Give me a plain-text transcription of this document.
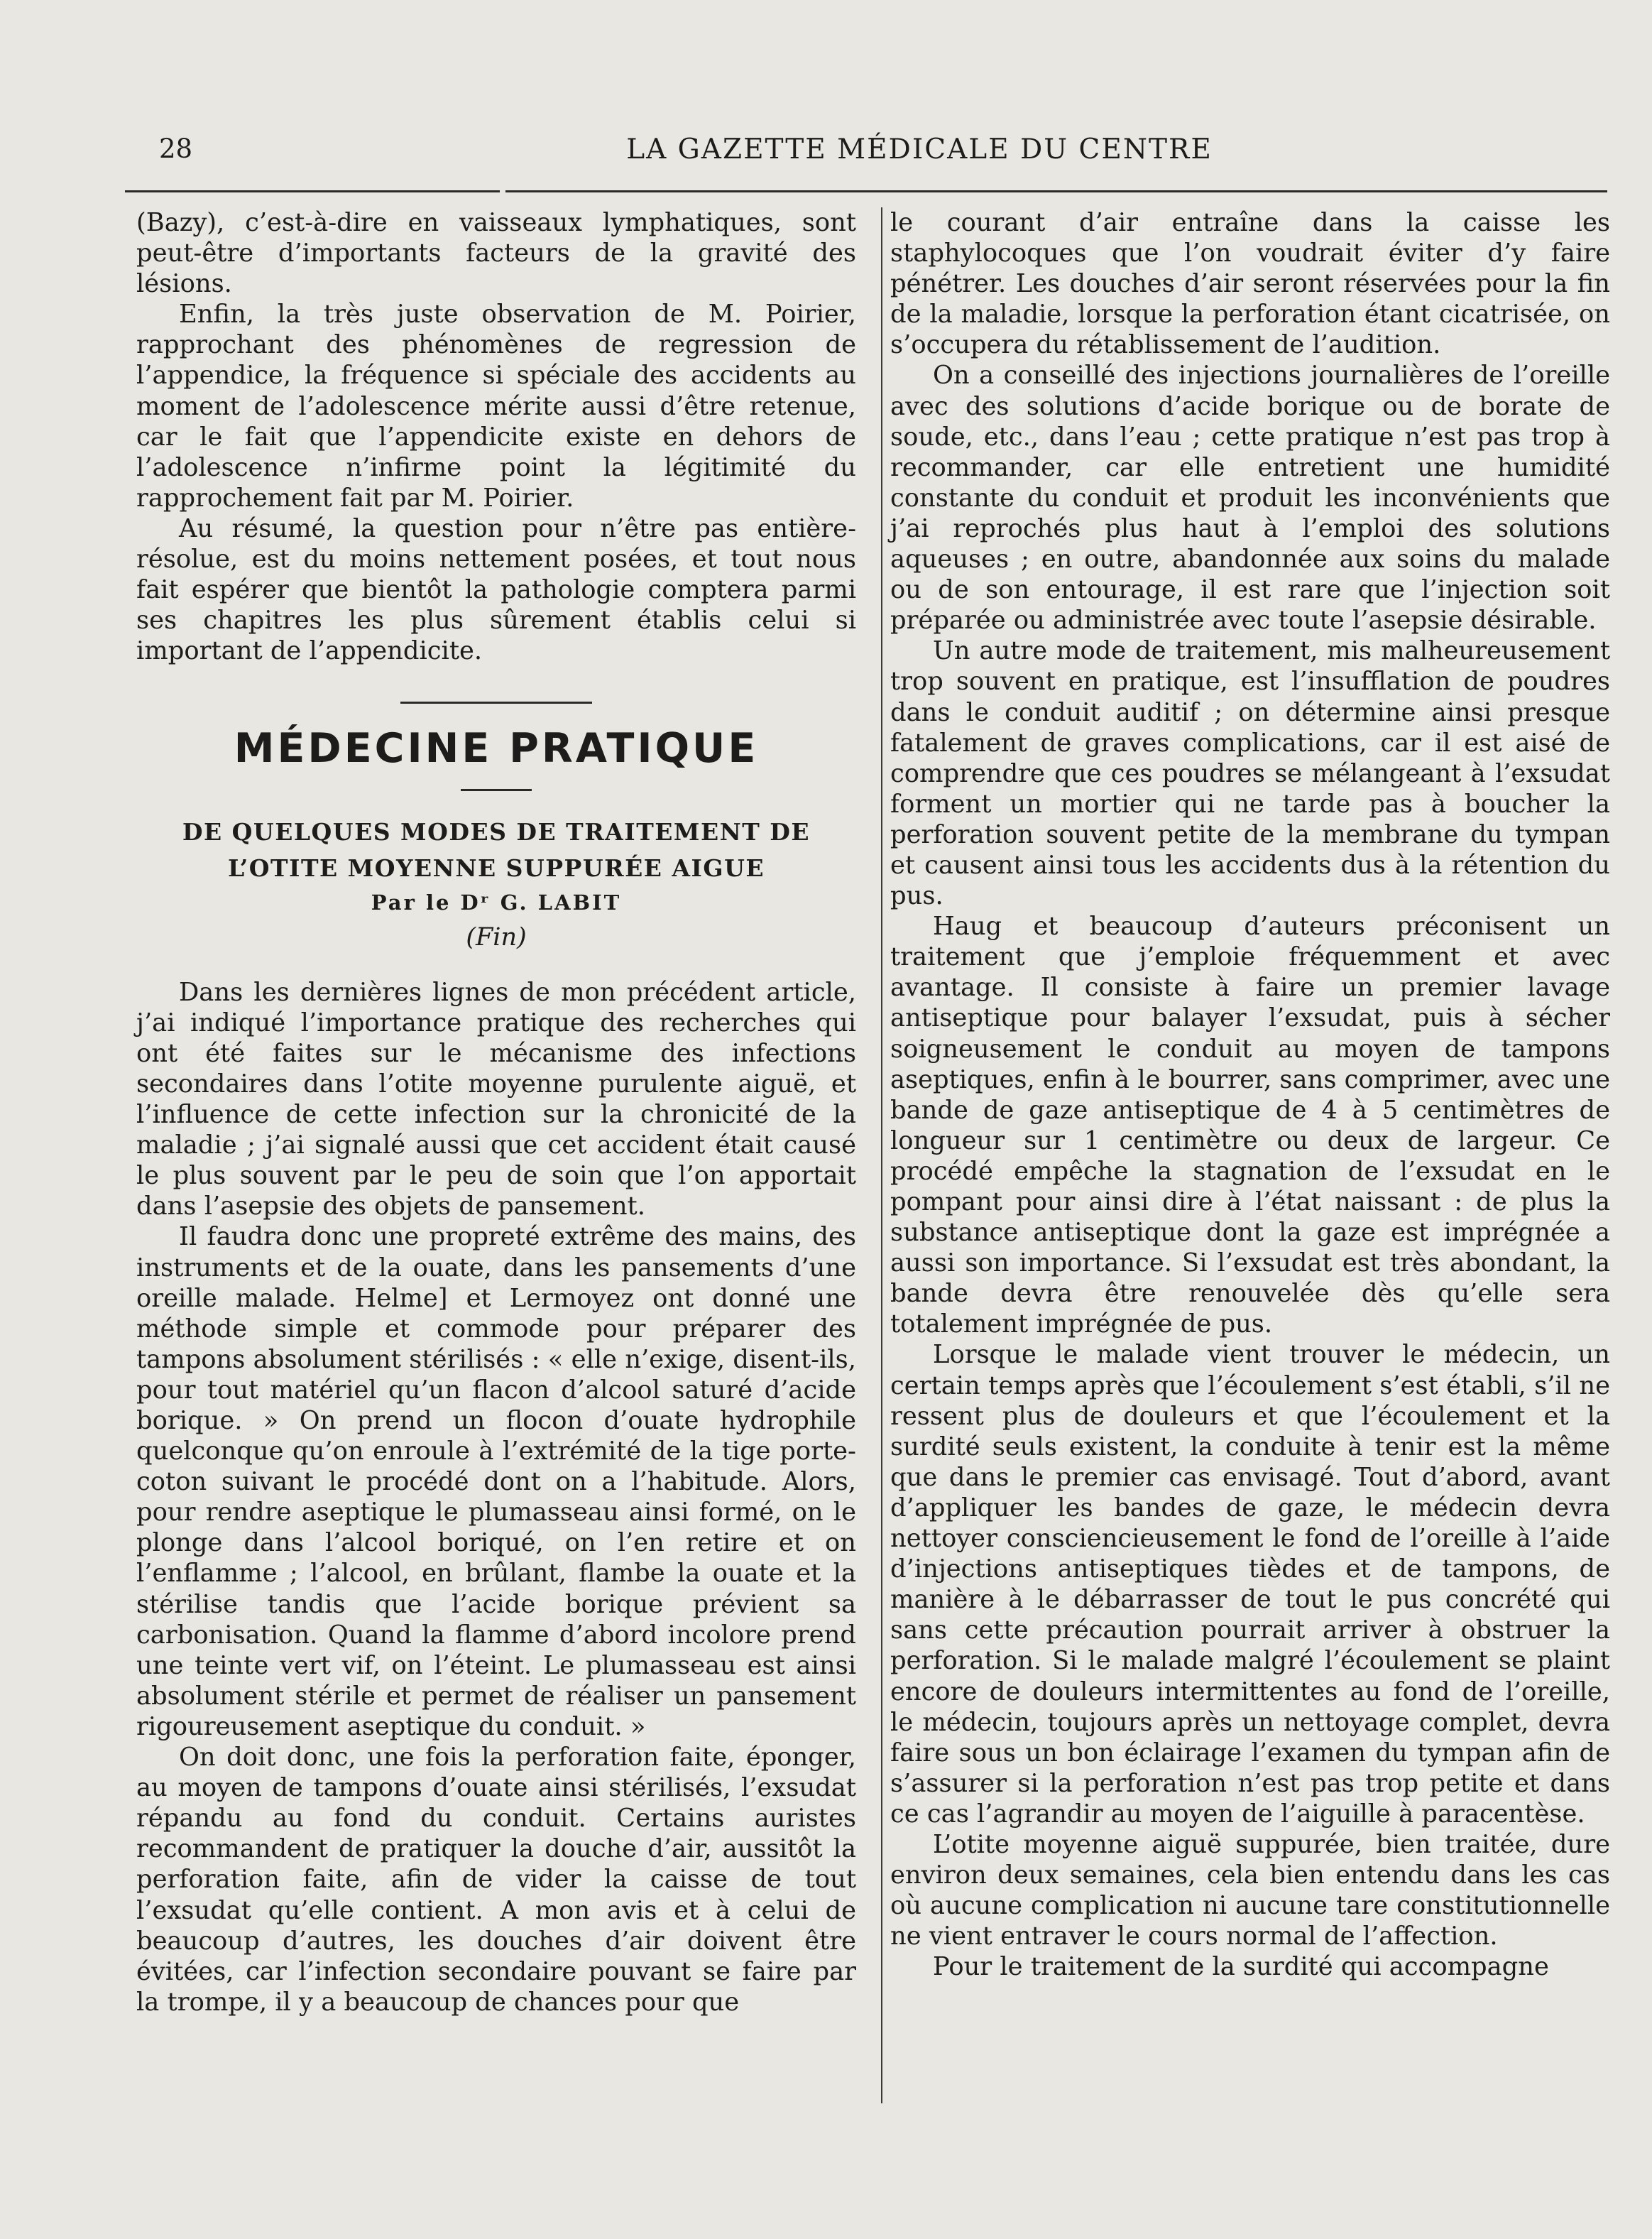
28	LA GAZETTE MÉDICALE DU CENTRE

(Bazy), c’est-à-dire en vaisseaux lymphatiques, sont peut-être d’importants facteurs de la gravité des lésions.

Enfin, la très juste observation de M. Poirier, rapprochant des phénomènes de regression de l’appendice, la fréquence si spéciale des accidents au moment de l’adolescence mérite aussi d’être retenue, car le fait que l’appendicite existe en dehors de l’adolescence n’infirme point la légitimité du rapprochement fait par M. Poirier.

Au résumé, la question pour n’être pas entière-résolue, est du moins nettement posées, et tout nous fait espérer que bientôt la pathologie comptera parmi ses chapitres les plus sûrement établis celui si important de l’appendicite.

MÉDECINE PRATIQUE
DE QUELQUES MODES DE TRAITEMENT DE
L’OTITE MOYENNE SUPPURÉE AIGUE
Par le Dʳ G. LABIT
(Fin)

Dans les dernières lignes de mon précédent article, j’ai indiqué l’importance pratique des recherches qui ont été faites sur le mécanisme des infections secondaires dans l’otite moyenne purulente aiguë, et l’influence de cette infection sur la chronicité de la maladie ; j’ai signalé aussi que cet accident était causé le plus souvent par le peu de soin que l’on apportait dans l’asepsie des objets de pansement.

Il faudra donc une propreté extrême des mains, des instruments et de la ouate, dans les pansements d’une oreille malade. Helme] et Lermoyez ont donné une méthode simple et commode pour préparer des tampons absolument stérilisés : « elle n’exige, disent-ils, pour tout matériel qu’un flacon d’alcool saturé d’acide borique. » On prend un flocon d’ouate hydrophile quelconque qu’on enroule à l’extrémité de la tige porte-coton suivant le procédé dont on a l’habitude. Alors, pour rendre aseptique le plumasseau ainsi formé, on le plonge dans l’alcool boriqué, on l’en retire et on l’enflamme ; l’alcool, en brûlant, flambe la ouate et la stérilise tandis que l’acide borique prévient sa carbonisation. Quand la flamme d’abord incolore prend une teinte vert vif, on l’éteint. Le plumasseau est ainsi absolument stérile et permet de réaliser un pansement rigoureusement aseptique du conduit. »

On doit donc, une fois la perforation faite, éponger, au moyen de tampons d’ouate ainsi stérilisés, l’exsudat répandu au fond du conduit. Certains auristes recommandent de pratiquer la douche d’air, aussitôt la perforation faite, afin de vider la caisse de tout l’exsudat qu’elle contient. A mon avis et à celui de beaucoup d’autres, les douches d’air doivent être évitées, car l’infection secondaire pouvant se faire par la trompe, il y a beaucoup de chances pour que

le courant d’air entraîne dans la caisse les staphylocoques que l’on voudrait éviter d’y faire pénétrer. Les douches d’air seront réservées pour la fin de la maladie, lorsque la perforation étant cicatrisée, on s’occupera du rétablissement de l’audition.

On a conseillé des injections journalières de l’oreille avec des solutions d’acide borique ou de borate de soude, etc., dans l’eau ; cette pratique n’est pas trop à recommander, car elle entretient une humidité constante du conduit et produit les inconvénients que j’ai reprochés plus haut à l’emploi des solutions aqueuses ; en outre, abandonnée aux soins du malade ou de son entourage, il est rare que l’injection soit préparée ou administrée avec toute l’asepsie désirable.

Un autre mode de traitement, mis malheureusement trop souvent en pratique, est l’insufflation de poudres dans le conduit auditif ; on détermine ainsi presque fatalement de graves complications, car il est aisé de comprendre que ces poudres se mélangeant à l’exsudat forment un mortier qui ne tarde pas à boucher la perforation souvent petite de la membrane du tympan et causent ainsi tous les accidents dus à la rétention du pus.

Haug et beaucoup d’auteurs préconisent un traitement que j’emploie fréquemment et avec avantage. Il consiste à faire un premier lavage antiseptique pour balayer l’exsudat, puis à sécher soigneusement le conduit au moyen de tampons aseptiques, enfin à le bourrer, sans comprimer, avec une bande de gaze antiseptique de 4 à 5 centimètres de longueur sur 1 centimètre ou deux de largeur. Ce procédé empêche la stagnation de l’exsudat en le pompant pour ainsi dire à l’état naissant : de plus la substance antiseptique dont la gaze est imprégnée a aussi son importance. Si l’exsudat est très abondant, la bande devra être renouvelée dès qu’elle sera totalement imprégnée de pus.

Lorsque le malade vient trouver le médecin, un certain temps après que l’écoulement s’est établi, s’il ne ressent plus de douleurs et que l’écoulement et la surdité seuls existent, la conduite à tenir est la même que dans le premier cas envisagé. Tout d’abord, avant d’appliquer les bandes de gaze, le médecin devra nettoyer consciencieusement le fond de l’oreille à l’aide d’injections antiseptiques tièdes et de tampons, de manière à le débarrasser de tout le pus concrété qui sans cette précaution pourrait arriver à obstruer la perforation. Si le malade malgré l’écoulement se plaint encore de douleurs intermittentes au fond de l’oreille, le médecin, toujours après un nettoyage complet, devra faire sous un bon éclairage l’examen du tympan afin de s’assurer si la perforation n’est pas trop petite et dans ce cas l’agrandir au moyen de l’aiguille à paracentèse.

L’otite moyenne aiguë suppurée, bien traitée, dure environ deux semaines, cela bien entendu dans les cas où aucune complication ni aucune tare constitutionnelle ne vient entraver le cours normal de l’affection.

Pour le traitement de la surdité qui accompagne
